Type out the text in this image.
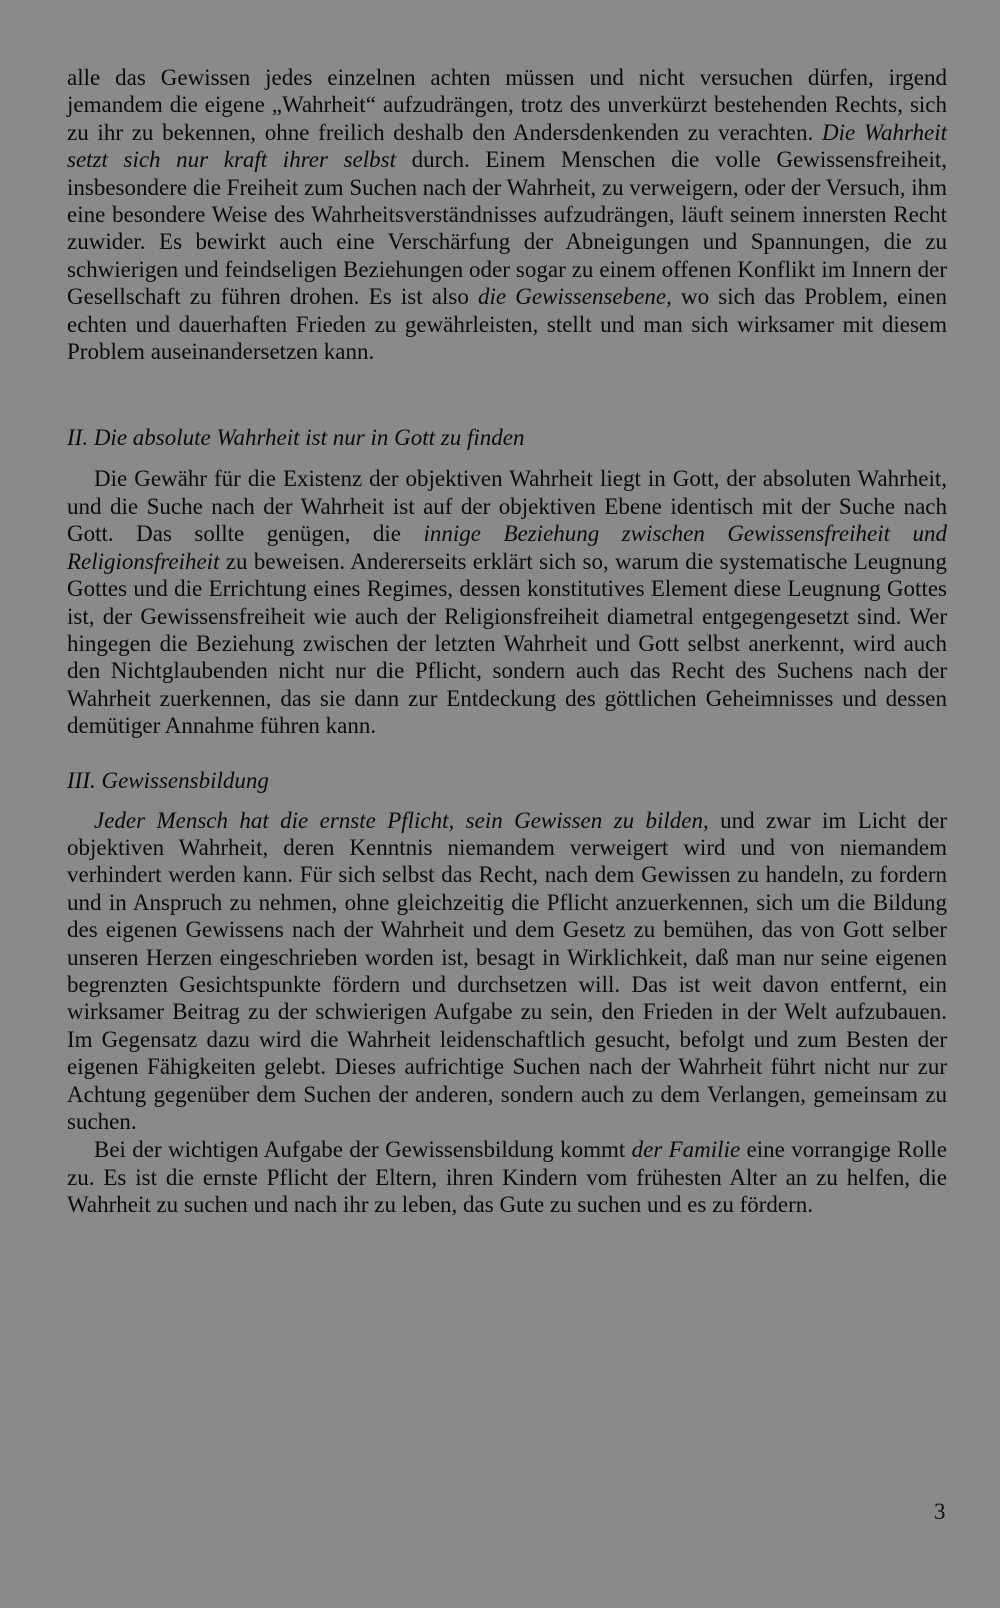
alle das Gewissen jedes einzelnen achten müssen und nicht versuchen dürfen, irgend jemandem die eigene „Wahrheit“ aufzudrängen, trotz des unverkürzt bestehenden Rechts, sich zu ihr zu bekennen, ohne freilich deshalb den Andersdenkenden zu verachten. Die Wahrheit setzt sich nur kraft ihrer selbst durch. Einem Menschen die volle Gewissensfreiheit, insbesondere die Freiheit zum Suchen nach der Wahrheit, zu verweigern, oder der Versuch, ihm eine besondere Weise des Wahrheitsverständnisses aufzudrängen, läuft seinem innersten Recht zuwider. Es bewirkt auch eine Verschärfung der Abneigungen und Spannungen, die zu schwierigen und feindseligen Beziehungen oder sogar zu einem offenen Konflikt im Innern der Gesellschaft zu führen drohen. Es ist also die Gewissensebene, wo sich das Problem, einen echten und dauerhaften Frieden zu gewährleisten, stellt und man sich wirksamer mit diesem Problem auseinandersetzen kann.

II. Die absolute Wahrheit ist nur in Gott zu finden

Die Gewähr für die Existenz der objektiven Wahrheit liegt in Gott, der absoluten Wahrheit, und die Suche nach der Wahrheit ist auf der objektiven Ebene identisch mit der Suche nach Gott. Das sollte genügen, die innige Beziehung zwischen Gewissensfreiheit und Religionsfreiheit zu beweisen. Andererseits erklärt sich so, warum die systematische Leugnung Gottes und die Errichtung eines Regimes, dessen konstitutives Element diese Leugnung Gottes ist, der Gewissensfreiheit wie auch der Religionsfreiheit diametral entgegengesetzt sind. Wer hingegen die Beziehung zwischen der letzten Wahrheit und Gott selbst anerkennt, wird auch den Nichtglaubenden nicht nur die Pflicht, sondern auch das Recht des Suchens nach der Wahrheit zuerkennen, das sie dann zur Entdeckung des göttlichen Geheimnisses und dessen demütiger Annahme führen kann.

III. Gewissensbildung

Jeder Mensch hat die ernste Pflicht, sein Gewissen zu bilden, und zwar im Licht der objektiven Wahrheit, deren Kenntnis niemandem verweigert wird und von niemandem verhindert werden kann. Für sich selbst das Recht, nach dem Gewissen zu handeln, zu fordern und in Anspruch zu nehmen, ohne gleichzeitig die Pflicht anzuerkennen, sich um die Bildung des eigenen Gewissens nach der Wahrheit und dem Gesetz zu bemühen, das von Gott selber unseren Herzen eingeschrieben worden ist, besagt in Wirklichkeit, daß man nur seine eigenen begrenzten Gesichtspunkte fördern und durchsetzen will. Das ist weit davon entfernt, ein wirksamer Beitrag zu der schwierigen Aufgabe zu sein, den Frieden in der Welt aufzubauen. Im Gegensatz dazu wird die Wahrheit leidenschaftlich gesucht, befolgt und zum Besten der eigenen Fähigkeiten gelebt. Dieses aufrichtige Suchen nach der Wahrheit führt nicht nur zur Achtung gegenüber dem Suchen der anderen, sondern auch zu dem Verlangen, gemeinsam zu suchen.

Bei der wichtigen Aufgabe der Gewissensbildung kommt der Familie eine vorrangige Rolle zu. Es ist die ernste Pflicht der Eltern, ihren Kindern vom frühesten Alter an zu helfen, die Wahrheit zu suchen und nach ihr zu leben, das Gute zu suchen und es zu fördern.

3
